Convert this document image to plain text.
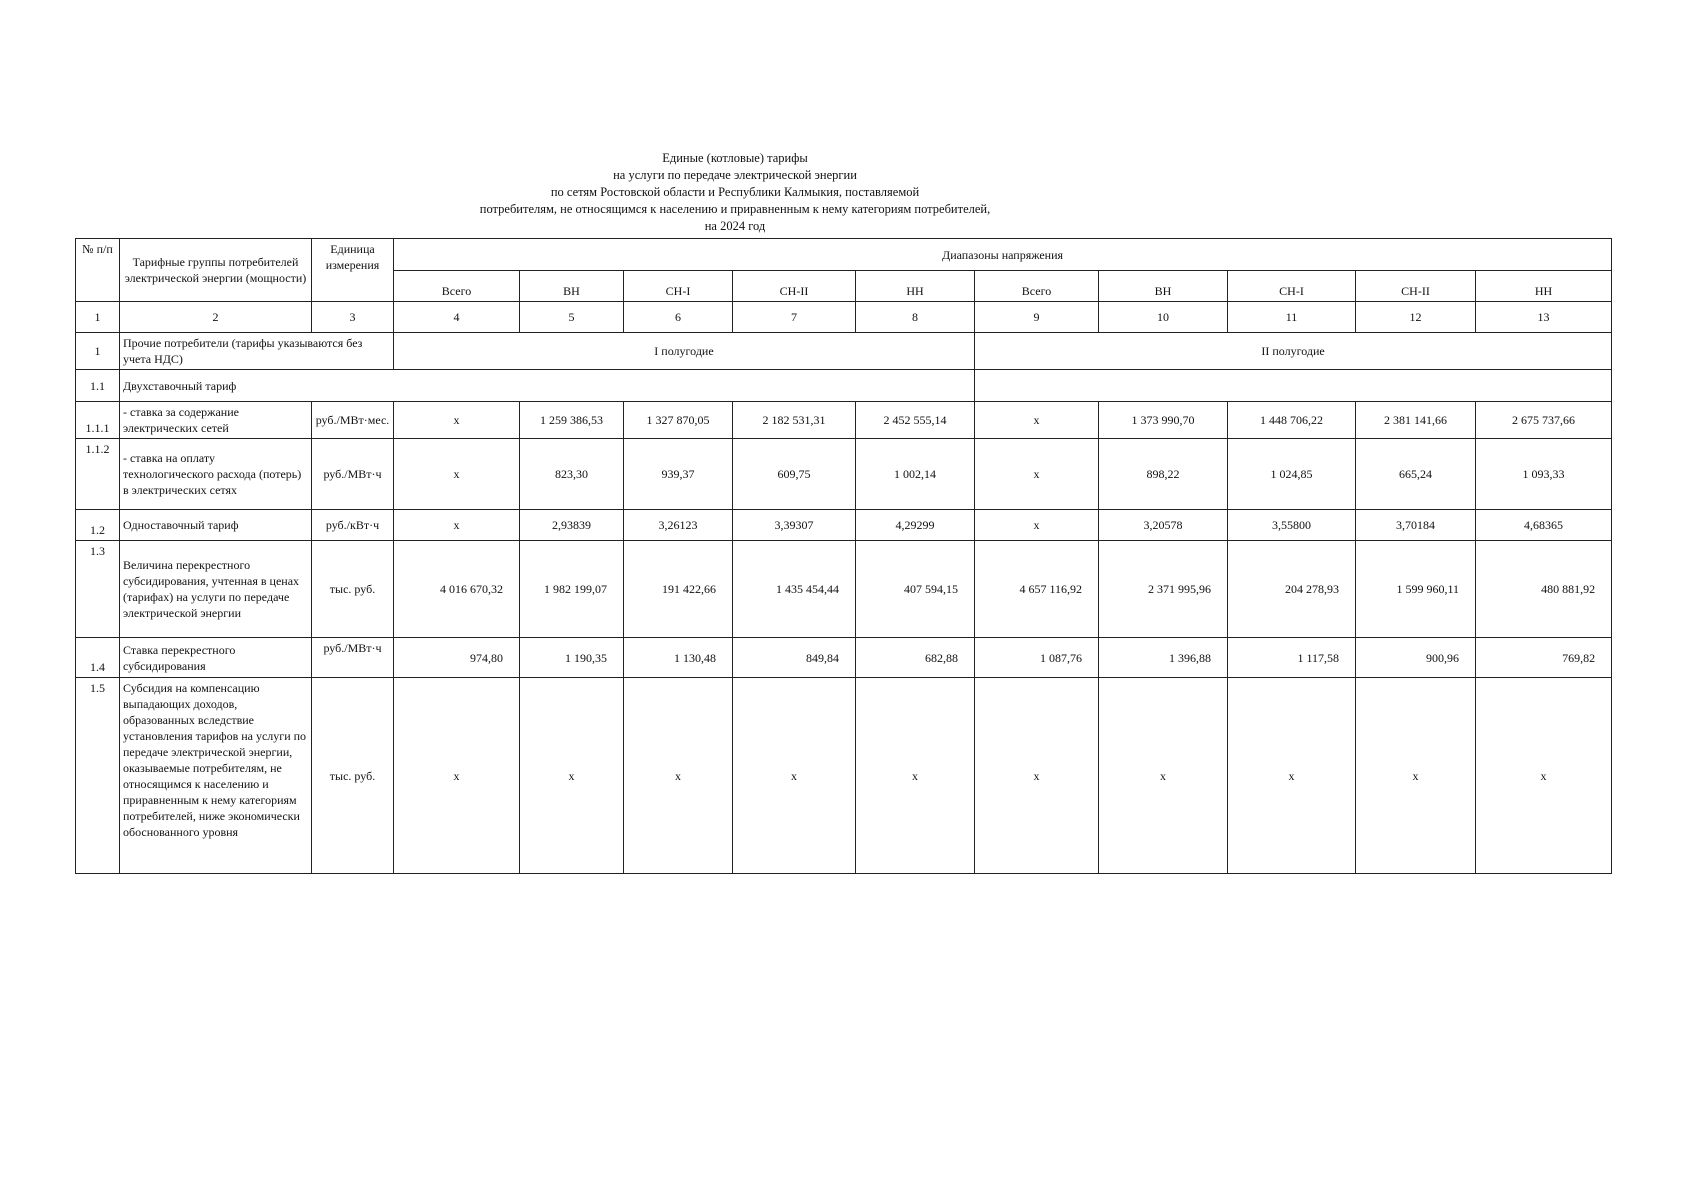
Единые (котловые) тарифы
на услуги по передаче электрической энергии
по сетям Ростовской области и Республики Калмыкия, поставляемой
потребителям, не относящимся к населению и приравненным к нему категориям потребителей,
на 2024 год
№ п/п	Тарифные группы потребителей электрической энергии (мощности)	Единица измерения	Диапазоны напряжения									
			Всего	ВН	СН-I	СН-II	НН	Всего	ВН	СН-I	СН-II	НН
1	2	3	4	5	6	7	8	9	10	11	12	13
1	Прочие потребители (тарифы указываются без учета НДС)		I полугодие					II полугодие				
1.1	Двухставочный тариф											
1.1.1	- ставка за содержание электрических сетей	руб./МВт·мес.	х	1 259 386,53	1 327 870,05	2 182 531,31	2 452 555,14	х	1 373 990,70	1 448 706,22	2 381 141,66	2 675 737,66
1.1.2	- ставка на оплату технологического расхода (потерь) в электрических сетях	руб./МВт·ч	х	823,30	939,37	609,75	1 002,14	х	898,22	1 024,85	665,24	1 093,33
1.2	Одноставочный тариф	руб./кВт·ч	х	2,93839	3,26123	3,39307	4,29299	х	3,20578	3,55800	3,70184	4,68365
1.3	Величина перекрестного субсидирования, учтенная в ценах (тарифах) на услуги по передаче электрической энергии	тыс. руб.	4 016 670,32	1 982 199,07	191 422,66	1 435 454,44	407 594,15	4 657 116,92	2 371 995,96	204 278,93	1 599 960,11	480 881,92
1.4	Ставка перекрестного субсидирования	руб./МВт·ч	974,80	1 190,35	1 130,48	849,84	682,88	1 087,76	1 396,88	1 117,58	900,96	769,82
1.5	Субсидия на компенсацию выпадающих доходов, образованных вследствие установления тарифов на услуги по передаче электрической энергии, оказываемые потребителям, не относящимся к населению и приравненным к нему категориям потребителей, ниже экономически обоснованного уровня	тыс. руб.	х	х	х	х	х	х	х	х	х	х
